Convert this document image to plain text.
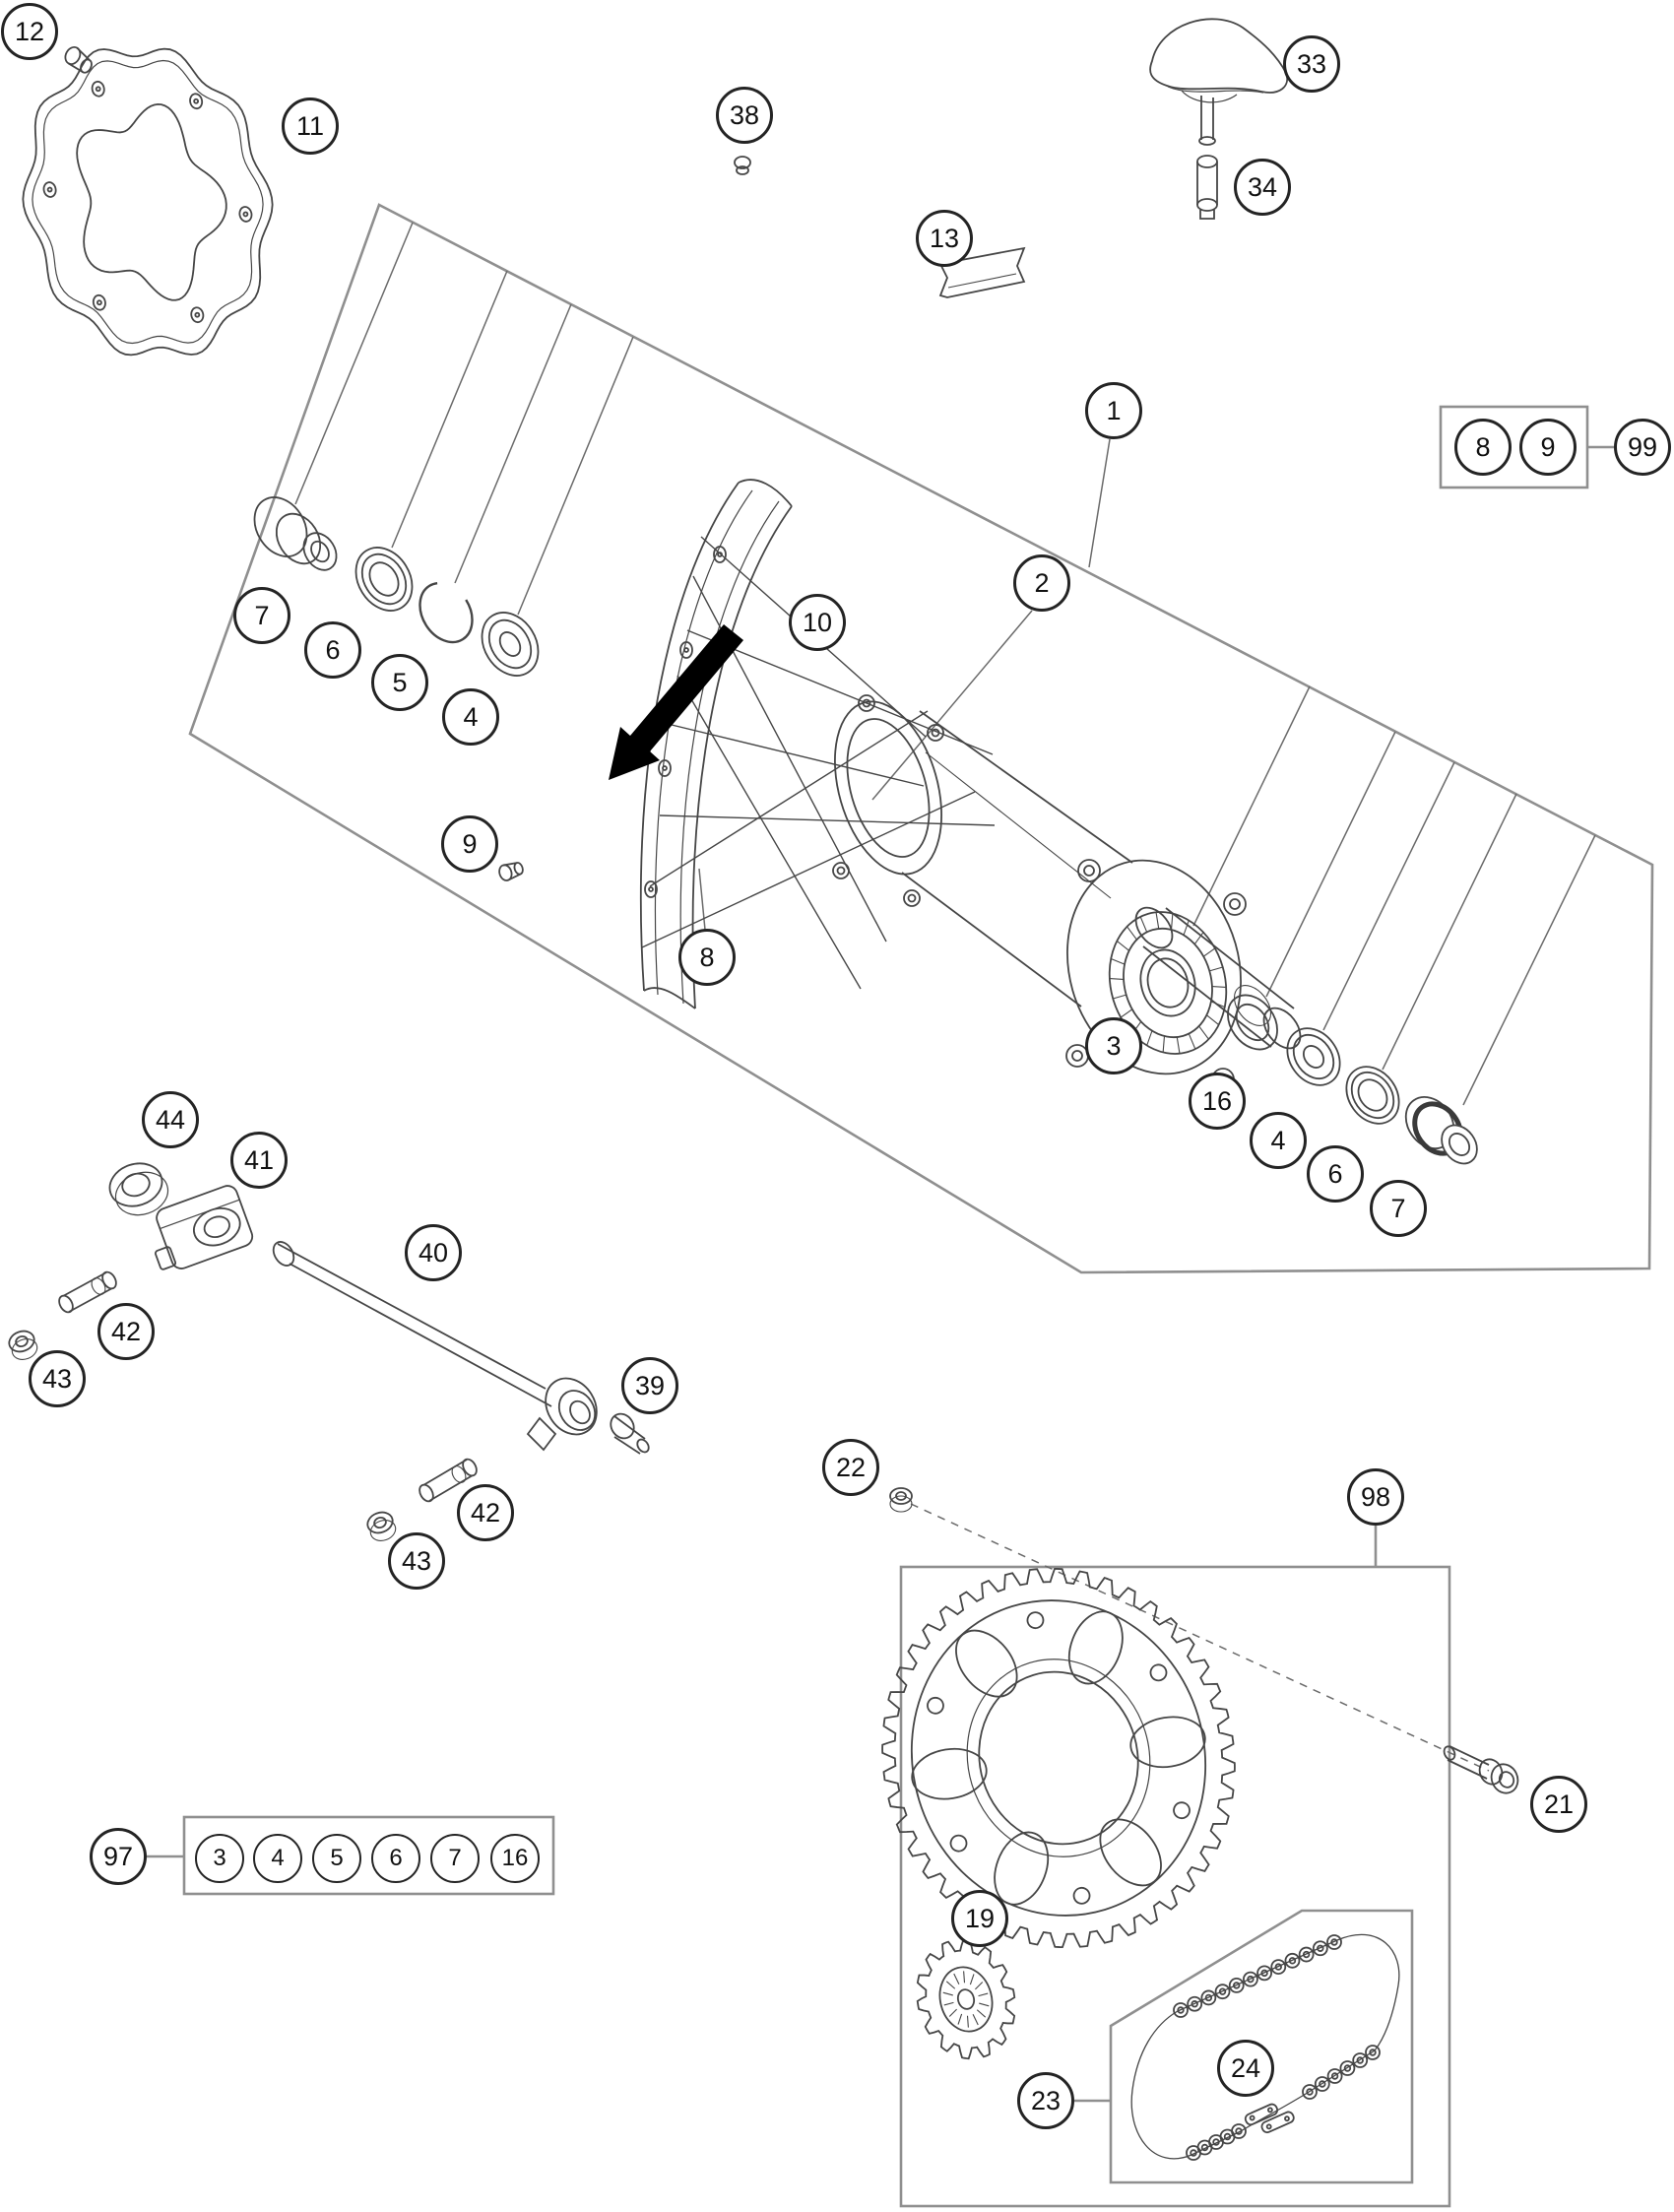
12
11	38
13
33
34
1
8	9	99
2
10
7
6
5
4
9
8
3
16
4
6
7
44
41
40
42
43	39
42
43
22
98
19
21
23
24
97	3	4	5	6	7	16
